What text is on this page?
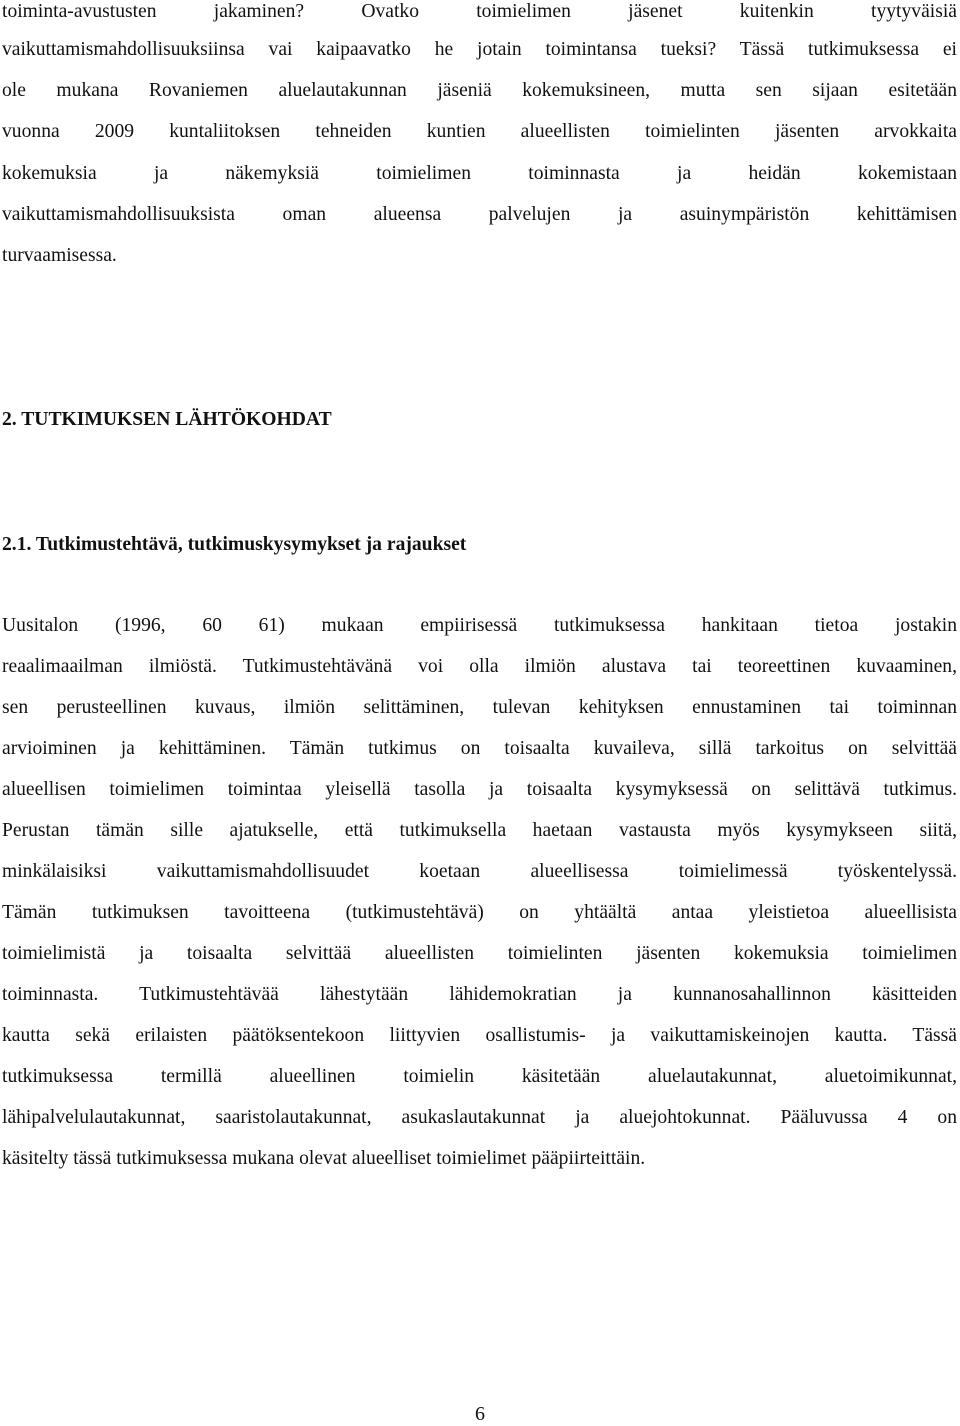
toiminta-avustusten jakaminen? Ovatko toimielimen jäsenet kuitenkin tyytyväisiä
vaikuttamismahdollisuuksiinsa vai kaipaavatko he jotain toimintansa tueksi? Tässä tutkimuksessa ei
ole mukana Rovaniemen aluelautakunnan jäseniä kokemuksineen, mutta sen sijaan esitetään
vuonna 2009 kuntaliitoksen tehneiden kuntien alueellisten toimielinten jäsenten arvokkaita
kokemuksia ja näkemyksiä toimielimen toiminnasta ja heidän kokemistaan
vaikuttamismahdollisuuksista oman alueensa palvelujen ja asuinympäristön kehittämisen
turvaamisessa.
2. TUTKIMUKSEN LÄHTÖKOHDAT
2.1. Tutkimustehtävä, tutkimuskysymykset ja rajaukset
Uusitalon (1996, 60 61) mukaan empiirisessä tutkimuksessa hankitaan tietoa jostakin
reaalimaailman ilmiöstä. Tutkimustehtävänä voi olla ilmiön alustava tai teoreettinen kuvaaminen,
sen perusteellinen kuvaus, ilmiön selittäminen, tulevan kehityksen ennustaminen tai toiminnan
arvioiminen ja kehittäminen. Tämän tutkimus on toisaalta kuvaileva, sillä tarkoitus on selvittää
alueellisen toimielimen toimintaa yleisellä tasolla ja toisaalta kysymyksessä on selittävä tutkimus.
Perustan tämän sille ajatukselle, että tutkimuksella haetaan vastausta myös kysymykseen siitä,
minkälaisiksi vaikuttamismahdollisuudet koetaan alueellisessa toimielimessä työskentelyssä.
Tämän tutkimuksen tavoitteena (tutkimustehtävä) on yhtäältä antaa yleistietoa alueellisista
toimielimistä ja toisaalta selvittää alueellisten toimielinten jäsenten kokemuksia toimielimen
toiminnasta. Tutkimustehtävää lähestytään lähidemokratian ja kunnanosahallinnon käsitteiden
kautta sekä erilaisten päätöksentekoon liittyvien osallistumis- ja vaikuttamiskeinojen kautta. Tässä
tutkimuksessa termillä alueellinen toimielin käsitetään aluelautakunnat, aluetoimikunnat,
lähipalvelulautakunnat, saaristolautakunnat, asukaslautakunnat ja aluejohtokunnat. Pääluvussa 4 on
käsitelty tässä tutkimuksessa mukana olevat alueelliset toimielimet pääpiirteittäin.
6
